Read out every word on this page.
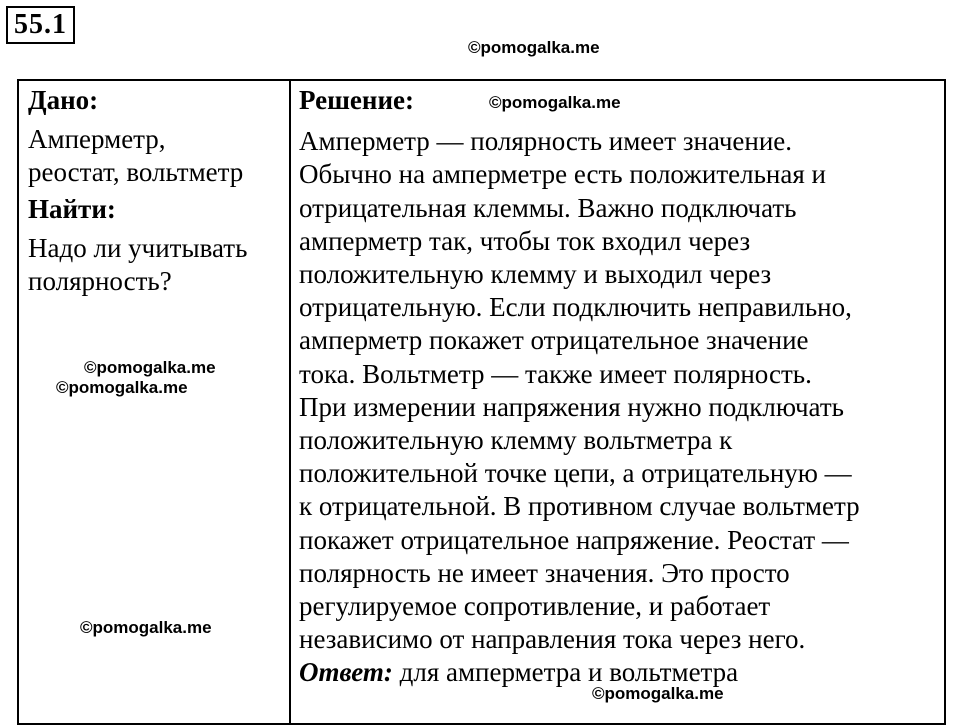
55.1
©pomogalka.me
Дано:
Амперметр,
реостат, вольтметр
Найти:
Надо ли учитывать
полярность?
©pomogalka.me
©pomogalka.me
©pomogalka.me
Решение:
Амперметр — полярность имеет значение.
Обычно на амперметре есть положительная и
отрицательная клеммы. Важно подключать
амперметр так, чтобы ток входил через
положительную клемму и выходил через
отрицательную. Если подключить неправильно,
амперметр покажет отрицательное значение
тока. Вольтметр — также имеет полярность.
При измерении напряжения нужно подключать
положительную клемму вольтметра к
положительной точке цепи, а отрицательную —
к отрицательной. В противном случае вольтметр
покажет отрицательное напряжение. Реостат —
полярность не имеет значения. Это просто
регулируемое сопротивление, и работает
независимо от направления тока через него.
Ответ: для амперметра и вольтметра
©pomogalka.me
©pomogalka.me
